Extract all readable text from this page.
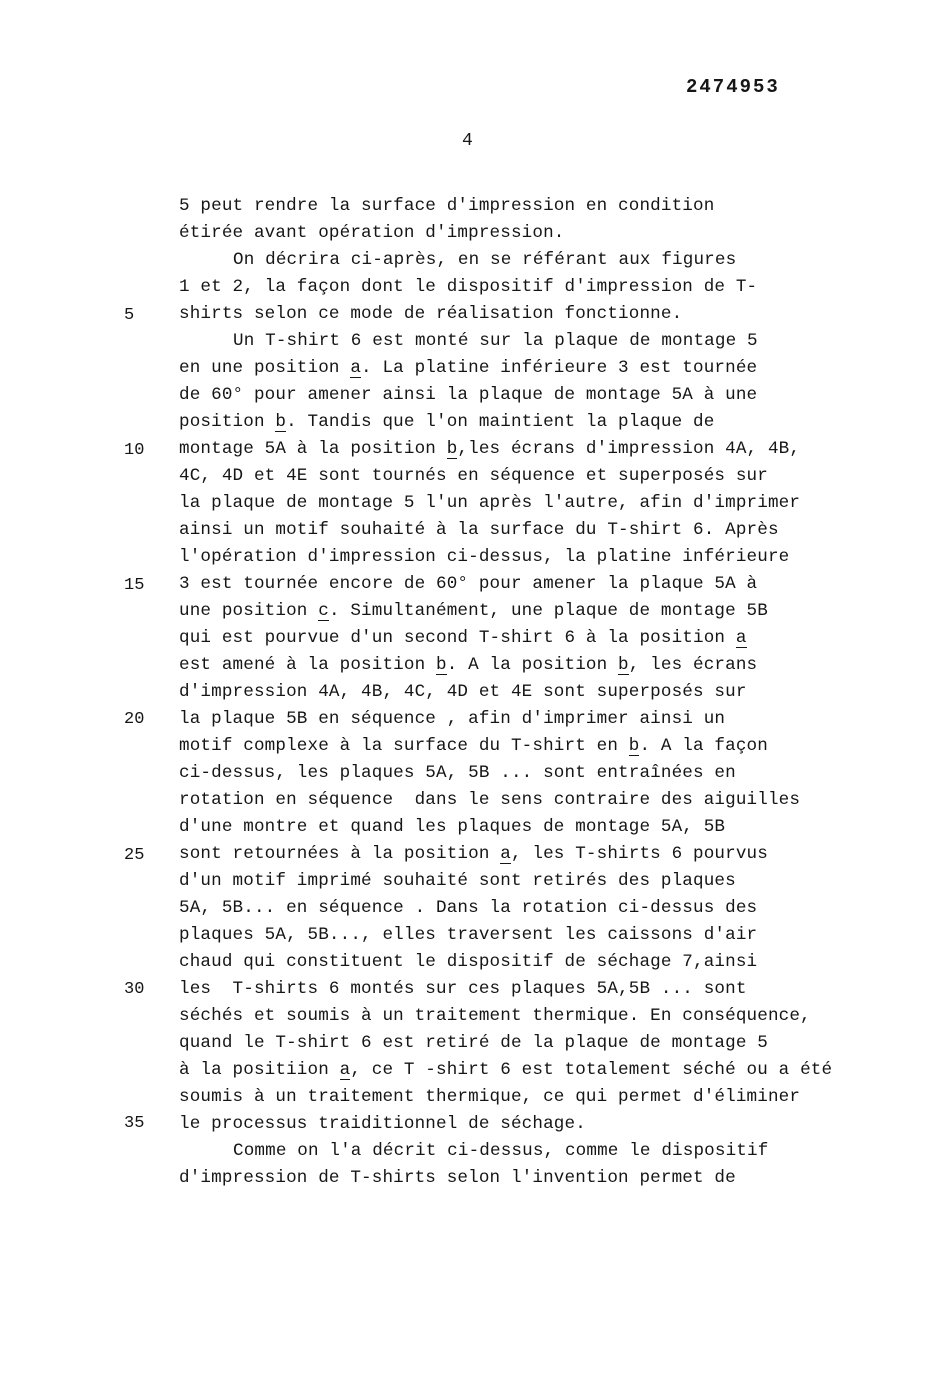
2474953
4
5
10
15
20
25
30
35
5 peut rendre la surface d'impression en condition
étirée avant opération d'impression.
On décrira ci-après, en se référant aux figures
1 et 2, la façon dont le dispositif d'impression de T-
shirts selon ce mode de réalisation fonctionne.
Un T-shirt 6 est monté sur la plaque de montage 5
en une position a. La platine inférieure 3 est tournée
de 60° pour amener ainsi la plaque de montage 5A à une
position b. Tandis que l'on maintient la plaque de
montage 5A à la position b,les écrans d'impression 4A, 4B,
4C, 4D et 4E sont tournés en séquence et superposés sur
la plaque de montage 5 l'un après l'autre, afin d'imprimer
ainsi un motif souhaité à la surface du T-shirt 6. Après
l'opération d'impression ci-dessus, la platine inférieure
3 est tournée encore de 60° pour amener la plaque 5A à
une position c. Simultanément, une plaque de montage 5B
qui est pourvue d'un second T-shirt 6 à la position a
est amené à la position b. A la position b, les écrans
d'impression 4A, 4B, 4C, 4D et 4E sont superposés sur
la plaque 5B en séquence , afin d'imprimer ainsi un
motif complexe à la surface du T-shirt en b. A la façon
ci-dessus, les plaques 5A, 5B ... sont entraînées en
rotation en séquence  dans le sens contraire des aiguilles
d'une montre et quand les plaques de montage 5A, 5B
sont retournées à la position a, les T-shirts 6 pourvus
d'un motif imprimé souhaité sont retirés des plaques
5A, 5B... en séquence . Dans la rotation ci-dessus des
plaques 5A, 5B..., elles traversent les caissons d'air
chaud qui constituent le dispositif de séchage 7,ainsi
les  T-shirts 6 montés sur ces plaques 5A,5B ... sont
séchés et soumis à un traitement thermique. En conséquence,
quand le T-shirt 6 est retiré de la plaque de montage 5
à la positiion a, ce T -shirt 6 est totalement séché ou a été
soumis à un traitement thermique, ce qui permet d'éliminer
le processus traiditionnel de séchage.
Comme on l'a décrit ci-dessus, comme le dispositif
d'impression de T-shirts selon l'invention permet de
